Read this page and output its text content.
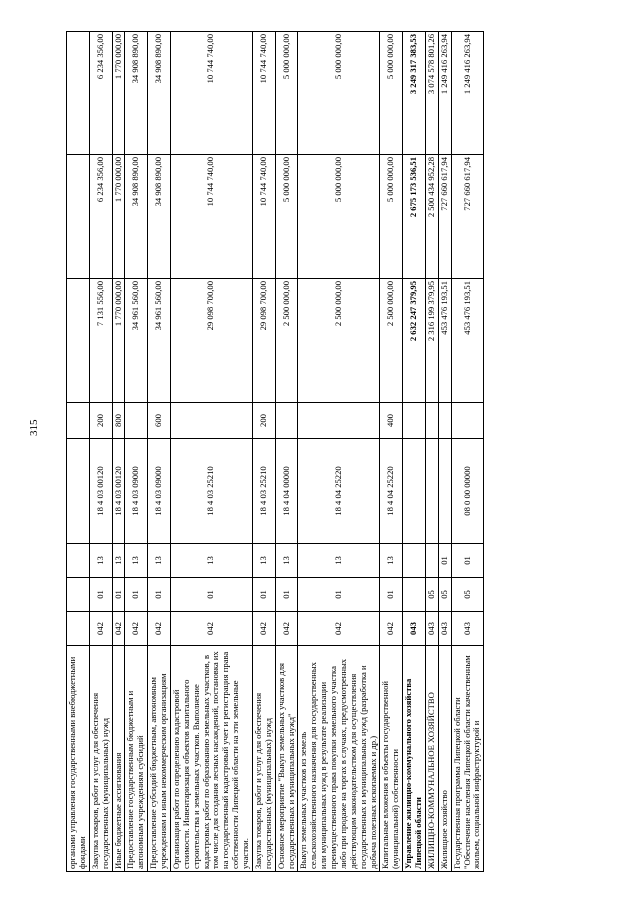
315
органами управления государственными внебюджетными фондами								
Закупка товаров, работ и услуг для обеспечения государственных (муниципальных) нужд	042	01	13	18 4 03 00120	200	7 131 556,00	6 234 356,00	6 234 356,00
Иные бюджетные ассигнования	042	01	13	18 4 03 00120	800	1 770 000,00	1 770 000,00	1 770 000,00
Предоставление государственным бюджетным и автономным учреждениям субсидий	042	01	13	18 4 03 09000		34 961 560,00	34 908 890,00	34 908 890,00
Предоставление субсидий бюджетным, автономным учреждениям и иным некоммерческим организациям	042	01	13	18 4 03 09000	600	34 961 560,00	34 908 890,00	34 908 890,00
Организация работ по определению кадастровой стоимости. Инвентаризация объектов капитального строительства и земельных участков. Выполнение кадастровых работ по образованию земельных участков, в том числе для создания лесных насаждений, постановка их на государственный кадастровый учет и регистрация права собственности Липецкой области на эти земельные участки.	042	01	13	18 4 03 25210		29 098 700,00	10 744 740,00	10 744 740,00
Закупка товаров, работ и услуг для обеспечения государственных (муниципальных) нужд	042	01	13	18 4 03 25210	200	29 098 700,00	10 744 740,00	10 744 740,00
Основное мероприятие "Выкуп земельных участков для государственных и муниципальных нужд"	042	01	13	18 4 04 00000		2 500 000,00	5 000 000,00	5 000 000,00
Выкуп земельных участков из земель сельскохозяйственного назначения для государственных или муниципальных нужд в результате реализации преимущественного права покупки земельного участка либо при продаже на торгах в случаях, предусмотренных действующим законодательством для осуществления государственных и муниципальных нужд (разработка и добыча полезных ископаемых и др.)	042	01	13	18 4 04 25220		2 500 000,00	5 000 000,00	5 000 000,00
Капитальные вложения в объекты государственной (муниципальной) собственности	042	01	13	18 4 04 25220	400	2 500 000,00	5 000 000,00	5 000 000,00
Управление жилищно-коммунального хозяйства Липецкой области	043					2 632 247 379,95	2 675 173 536,51	3 249 317 383,53
ЖИЛИЩНО-КОММУНАЛЬНОЕ ХОЗЯЙСТВО	043	05				2 316 199 379,95	2 500 434 952,28	3 074 578 801,26
Жилищное хозяйство	043	05	01			453 476 193,51	727 660 617,94	1 249 416 263,94
Государственная программа Липецкой области "Обеспечение населения Липецкой области качественным жильем, социальной инфраструктурой и	043	05	01	08 0 00 00000		453 476 193,51	727 660 617,94	1 249 416 263,94
